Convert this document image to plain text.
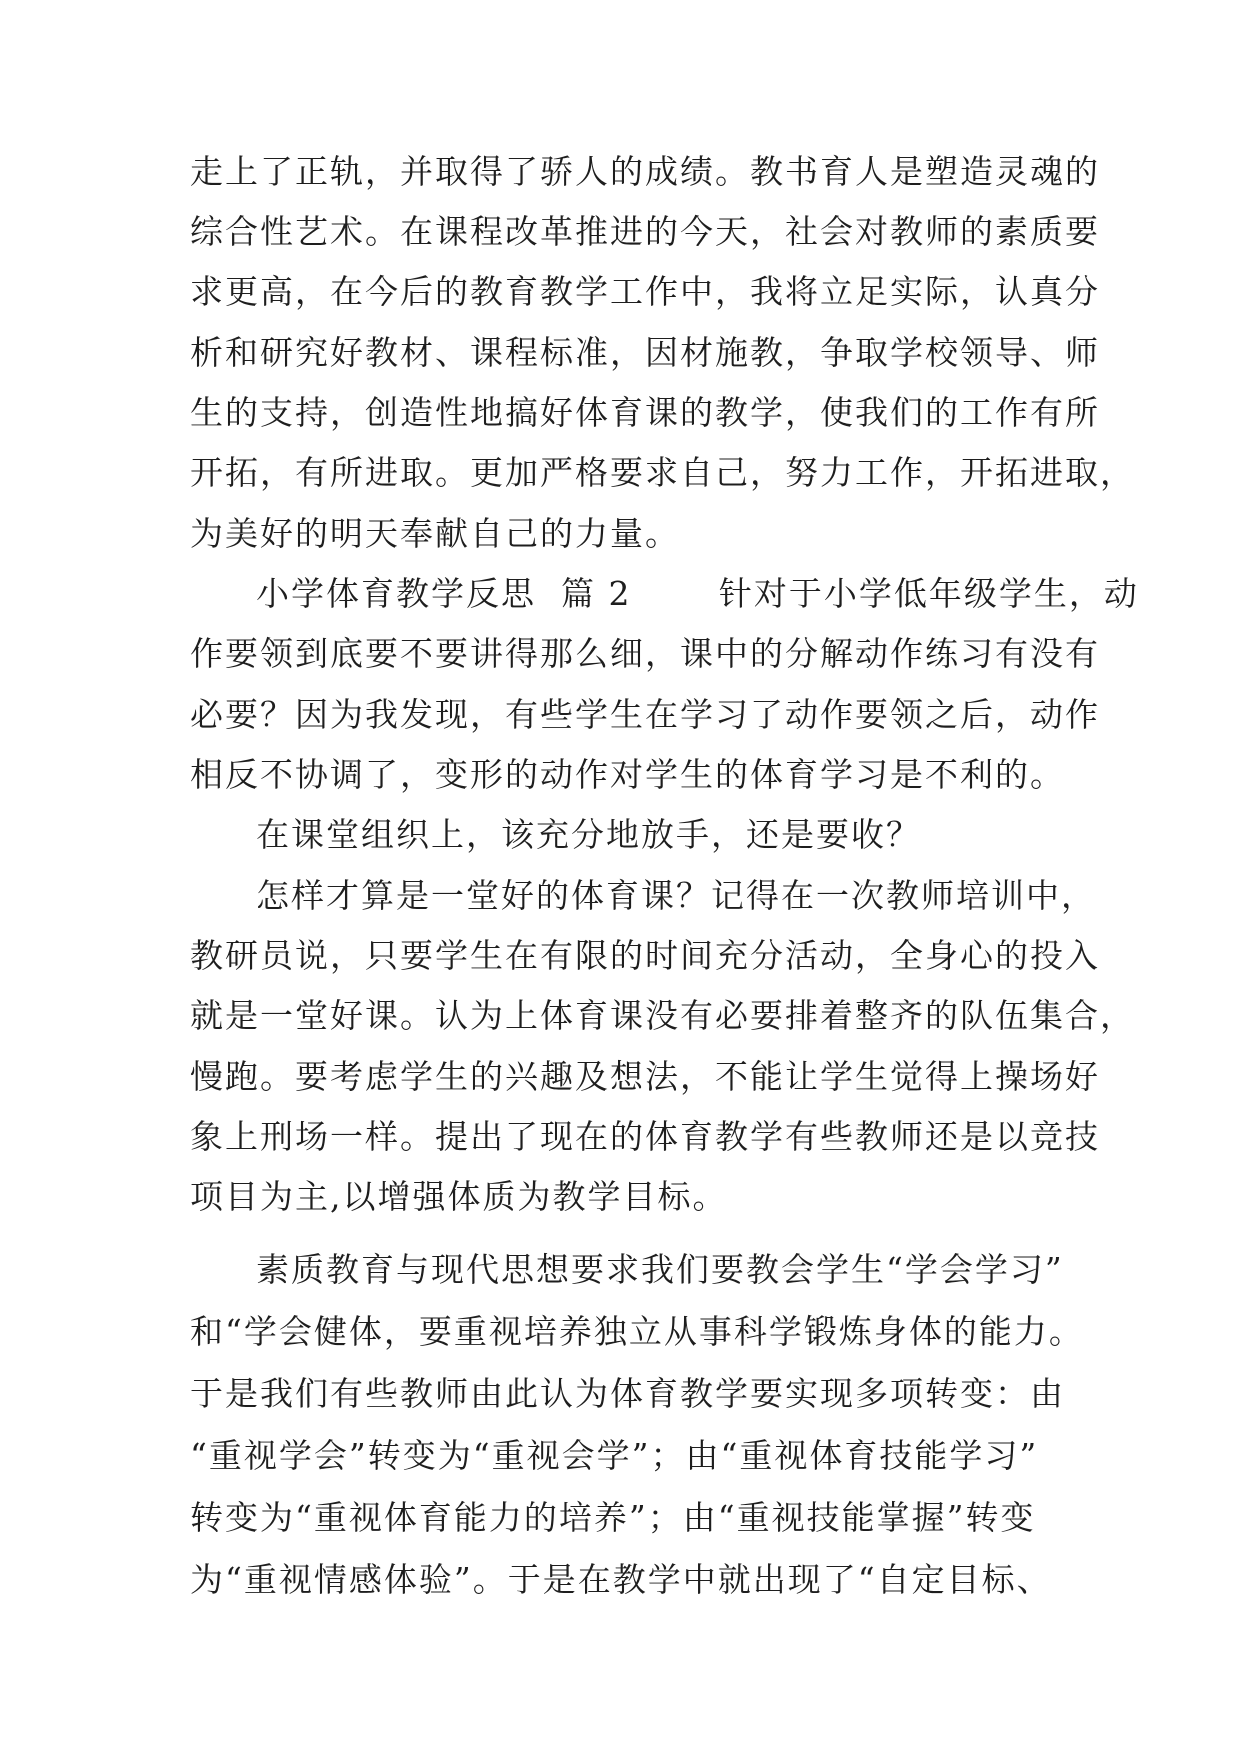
走上了正轨，并取得了骄人的成绩。教书育人是塑造灵魂的
综合性艺术。在课程改革推进的今天，社会对教师的素质要
求更高，在今后的教育教学工作中，我将立足实际，认真分
析和研究好教材、课程标准，因材施教，争取学校领导、师
生的支持，创造性地搞好体育课的教学，使我们的工作有所
开拓，有所进取。更加严格要求自己，努力工作，开拓进取，
为美好的明天奉献自己的力量。
小学体育教学反思  篇 2       针对于小学低年级学生，动
作要领到底要不要讲得那么细，课中的分解动作练习有没有
必要？因为我发现，有些学生在学习了动作要领之后，动作
相反不协调了，变形的动作对学生的体育学习是不利的。
在课堂组织上，该充分地放手，还是要收？
怎样才算是一堂好的体育课？记得在一次教师培训中，
教研员说，只要学生在有限的时间充分活动，全身心的投入
就是一堂好课。认为上体育课没有必要排着整齐的队伍集合，
慢跑。要考虑学生的兴趣及想法，不能让学生觉得上操场好
象上刑场一样。提出了现在的体育教学有些教师还是以竞技
项目为主,以增强体质为教学目标。
素质教育与现代思想要求我们要教会学生“学会学习”
和“学会健体，要重视培养独立从事科学锻炼身体的能力。
于是我们有些教师由此认为体育教学要实现多项转变：由
“重视学会”转变为“重视会学”；由“重视体育技能学习”
转变为“重视体育能力的培养”；由“重视技能掌握”转变
为“重视情感体验”。于是在教学中就出现了“自定目标、
